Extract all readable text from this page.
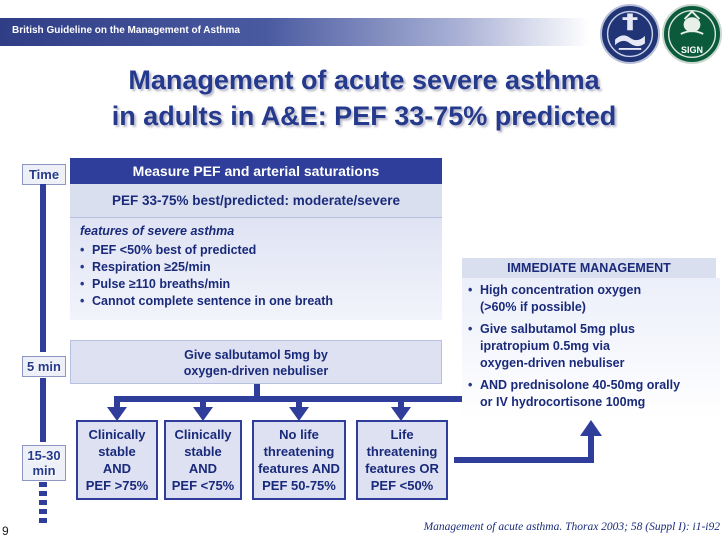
British Guideline on the Management of Asthma
SIGN
Management of acute severe asthma
in adults in A&E: PEF 33-75% predicted
Time
5 min
15-30
min
Measure PEF and arterial saturations
PEF 33-75% best/predicted: moderate/severe
features of severe asthma
• PEF <50% best of predicted
• Respiration ≥25/min
• Pulse ≥110 breaths/min
• Cannot complete sentence in one breath
Give salbutamol 5mg by
oxygen-driven nebuliser
Clinically
stable
AND
PEF >75%
Clinically
stable
AND
PEF <75%
No life
threatening
features AND
PEF 50-75%
Life
threatening
features OR
PEF <50%
IMMEDIATE MANAGEMENT
• High concentration oxygen
(>60% if possible)
• Give salbutamol 5mg plus
ipratropium 0.5mg via
oxygen-driven nebuliser
• AND prednisolone 40-50mg orally
or IV hydrocortisone 100mg
9	Management of acute asthma. Thorax 2003; 58 (Suppl I): i1-i92
